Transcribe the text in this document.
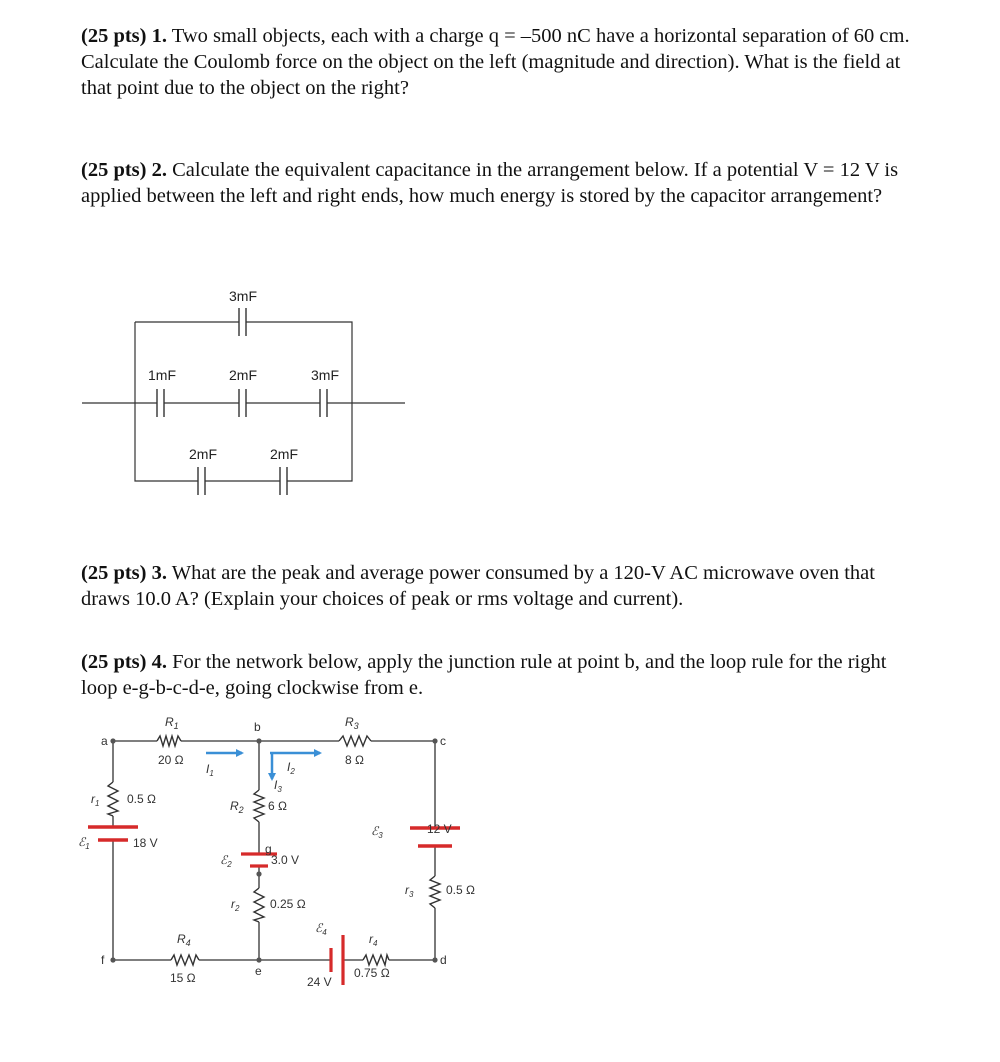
(25 pts) 1. Two small objects, each with a charge q = –500 nC have a horizontal separation of 60 cm. Calculate the Coulomb force on the object on the left (magnitude and direction). What is the field at that point due to the object on the right?
(25 pts) 2. Calculate the equivalent capacitance in the arrangement below. If a potential V = 12 V is applied between the left and right ends, how much energy is stored by the capacitor arrangement?
(25 pts) 3. What are the peak and average power consumed by a 120-V AC microwave oven that draws 10.0 A? (Explain your choices of peak or rms voltage and current).
(25 pts) 4. For the network below, apply the junction rule at point b, and the loop rule for the right loop e-g-b-c-d-e, going clockwise from e.
3mF
1mF	2mF	3mF
2mF	2mF
a
b
c
d
e
f
g
$R_1$
20 Ω
$R_3$
8 Ω
$R_2$ 6 Ω
$R_4$
15 Ω
$r_1$ 0.5 Ω
$r_2$	0.25 Ω
$r_3$	0.5 Ω
$r_4$
0.75 Ω
ℰ$_1$	18 V
ℰ$_2$	3.0 V
ℰ$_3$	12 V
ℰ$_4$
24 V
$I_1$	$I_2$
$I_3$
